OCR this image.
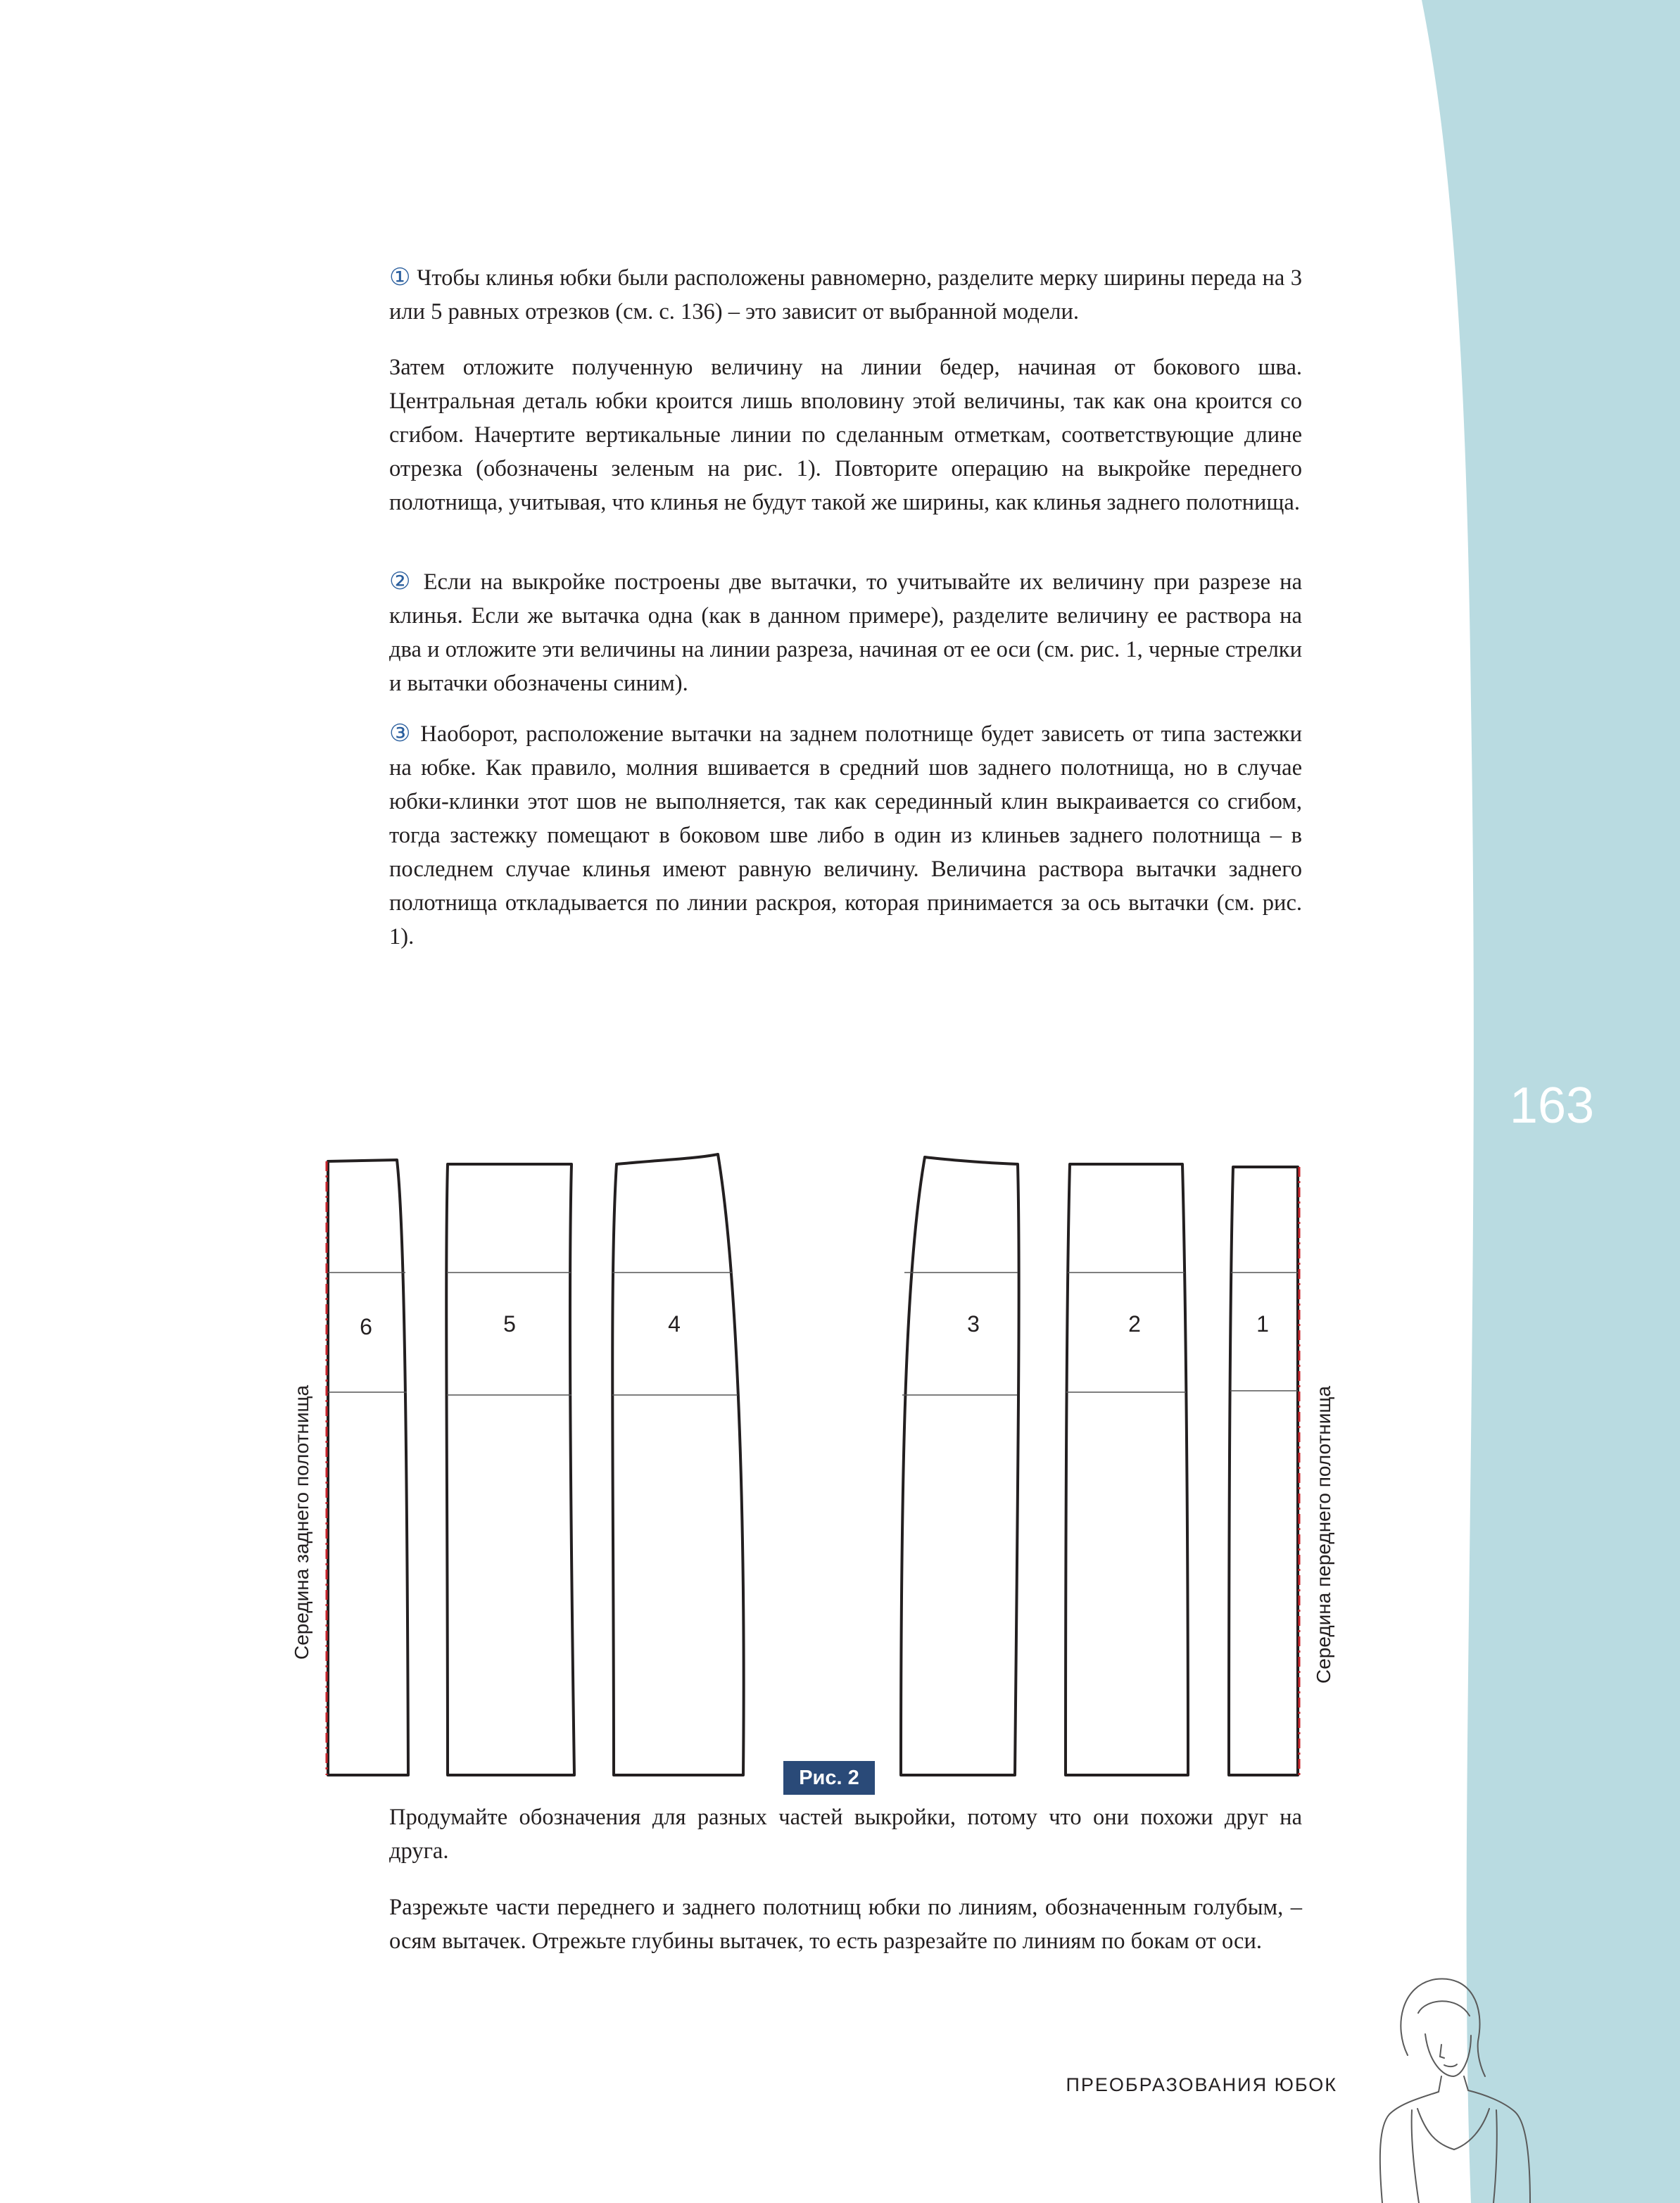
163

① Чтобы клинья юбки были расположены равномерно, разделите мерку ширины переда на 3 или 5 равных отрезков (см. с. 136) – это зависит от выбранной модели.

Затем отложите полученную величину на линии бедер, начиная от бокового шва. Центральная деталь юбки кроится лишь вполовину этой величины, так как она кроится со сгибом. Начертите вертикальные линии по сделанным отметкам, соответствующие длине отрезка (обозначены зеленым на рис. 1). Повторите операцию на выкройке переднего полотнища, учитывая, что клинья не будут такой же ширины, как клинья заднего полотнища.

② Если на выкройке построены две вытачки, то учитывайте их величину при разрезе на клинья. Если же вытачка одна (как в данном примере), разделите величину ее раствора на два и отложите эти величины на линии разреза, начиная от ее оси (см. рис. 1, черные стрелки и вытачки обозначены синим).

③ Наоборот, расположение вытачки на заднем полотнище будет зависеть от типа застежки на юбке. Как правило, молния вшивается в средний шов заднего полотнища, но в случае юбки-клинки этот шов не выполняется, так как серединный клин выкраивается со сгибом, тогда застежку помещают в боковом шве либо в один из клиньев заднего полотнища – в последнем случае клинья имеют равную величину. Величина раствора вытачки заднего полотнища откладывается по линии раскроя, которая принимается за ось вытачки (см. рис. 1).

6	5	4	3	2	1
Середина заднего полотнища	Середина переднего полотнища
Рис. 2

Продумайте обозначения для разных частей выкройки, потому что они похожи друг на друга.

Разрежьте части переднего и заднего полотнищ юбки по линиям, обозначенным голубым, – осям вытачек. Отрежьте глубины вытачек, то есть разрезайте по линиям по бокам от оси.

ПРЕОБРАЗОВАНИЯ ЮБОК
